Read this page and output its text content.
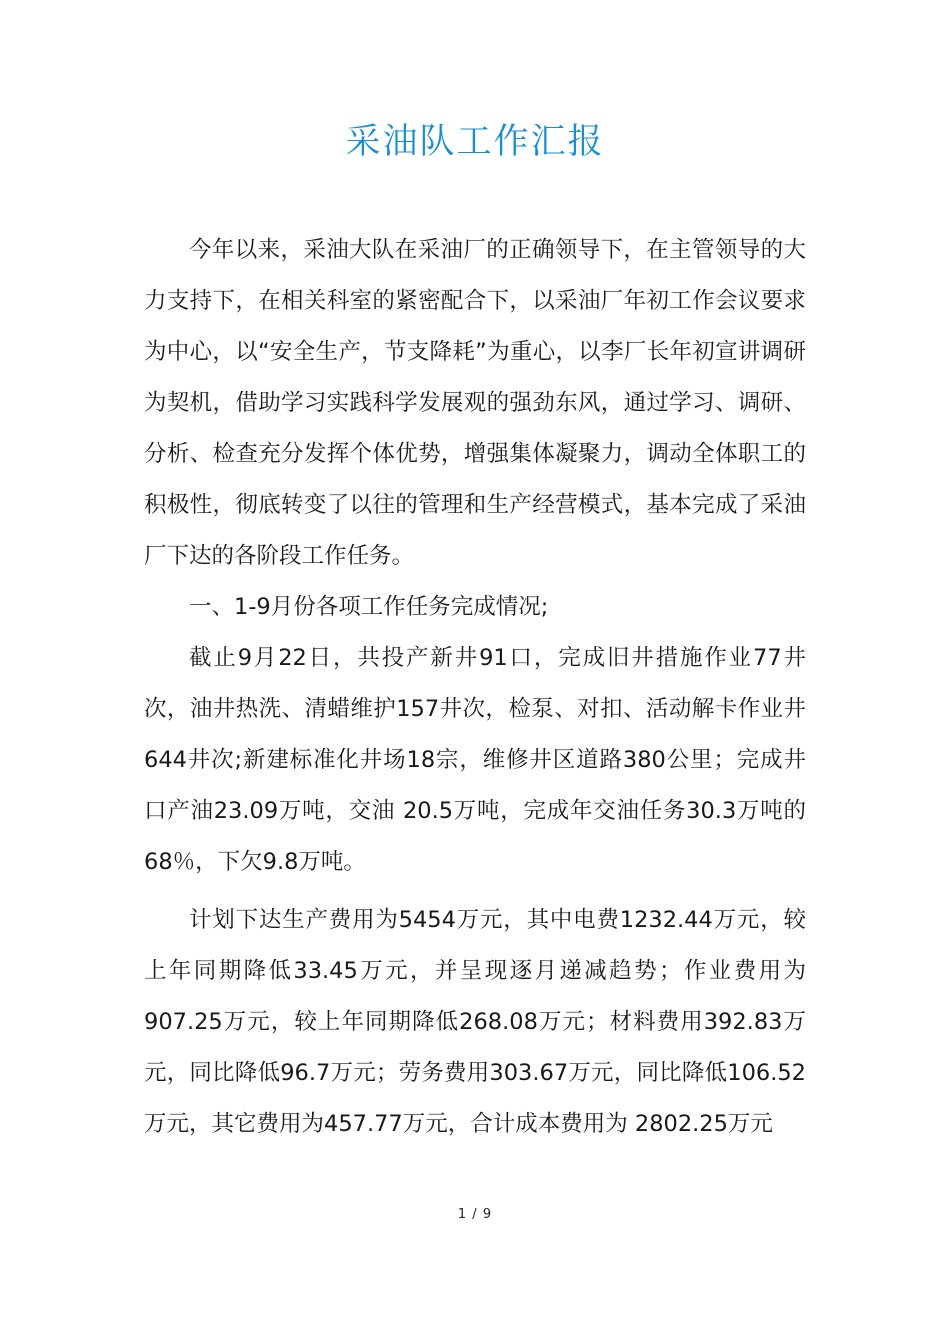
采油队工作汇报

今年以来，采油大队在采油厂的正确领导下，在主管领导的大力支持下，在相关科室的紧密配合下，以采油厂年初工作会议要求为中心，以“安全生产，节支降耗”为重心，以李厂长年初宣讲调研为契机，借助学习实践科学发展观的强劲东风，通过学习、调研、分析、检查充分发挥个体优势，增强集体凝聚力，调动全体职工的积极性，彻底转变了以往的管理和生产经营模式，基本完成了采油厂下达的各阶段工作任务。

一、1-9月份各项工作任务完成情况;

截止9月22日，共投产新井91口，完成旧井措施作业77井次，油井热洗、清蜡维护157井次，检泵、对扣、活动解卡作业井644井次;新建标准化井场18宗，维修井区道路380公里；完成井口产油23.09万吨，交油 20.5万吨，完成年交油任务30.3万吨的68％，下欠9.8万吨。

计划下达生产费用为5454万元，其中电费1232.44万元，较上年同期降低33.45万元，并呈现逐月递减趋势；作业费用为907.25万元，较上年同期降低268.08万元；材料费用392.83万元，同比降低96.7万元；劳务费用303.67万元，同比降低106.52万元，其它费用为457.77万元，合计成本费用为 2802.25万元

1 / 9
